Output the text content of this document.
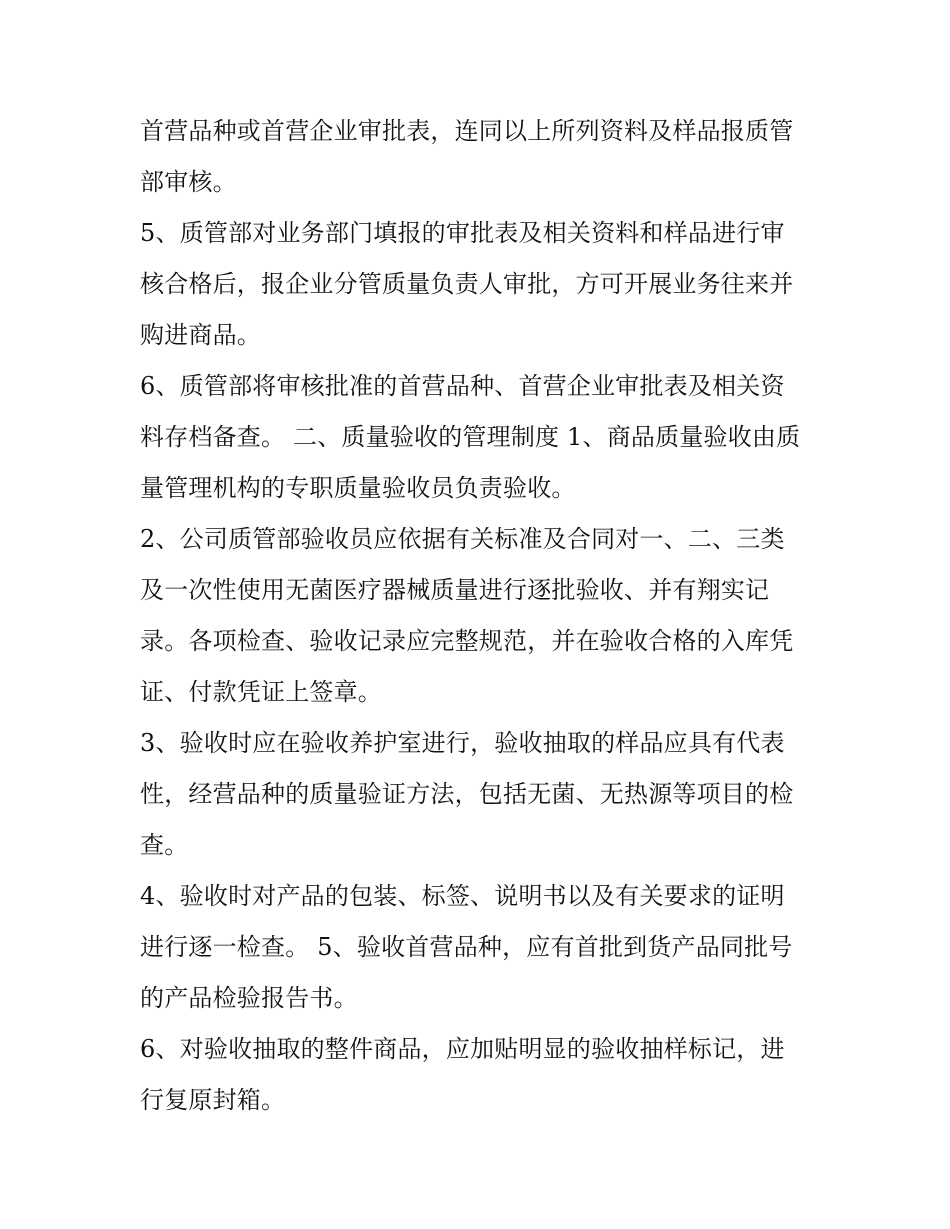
首营品种或首营企业审批表，连同以上所列资料及样品报质管
部审核。
5、质管部对业务部门填报的审批表及相关资料和样品进行审
核合格后，报企业分管质量负责人审批，方可开展业务往来并
购进商品。
6、质管部将审核批准的首营品种、首营企业审批表及相关资
料存档备查。 二、质量验收的管理制度 1、商品质量验收由质
量管理机构的专职质量验收员负责验收。
2、公司质管部验收员应依据有关标准及合同对一、二、三类
及一次性使用无菌医疗器械质量进行逐批验收、并有翔实记
录。各项检查、验收记录应完整规范，并在验收合格的入库凭
证、付款凭证上签章。
3、验收时应在验收养护室进行，验收抽取的样品应具有代表
性，经营品种的质量验证方法，包括无菌、无热源等项目的检
查。
4、验收时对产品的包装、标签、说明书以及有关要求的证明
进行逐一检查。 5、验收首营品种，应有首批到货产品同批号
的产品检验报告书。
6、对验收抽取的整件商品，应加贴明显的验收抽样标记，进
行复原封箱。
